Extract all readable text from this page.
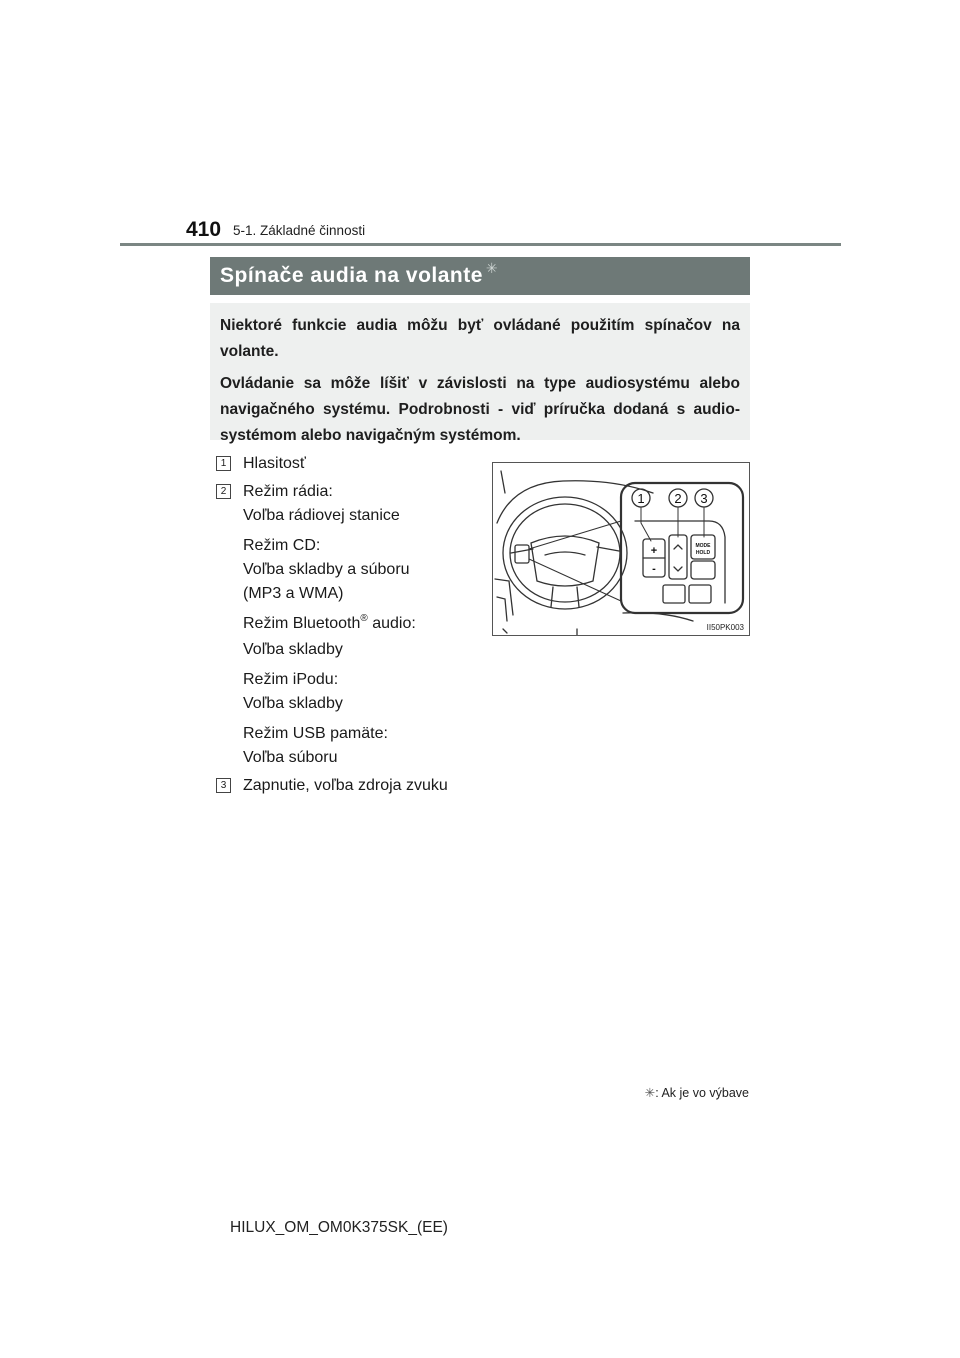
410 5-1. Základné činnosti
Spínače audia na volante ✳

Niektoré funkcie audia môžu byť ovládané použitím spínačov na volante.

Ovládanie sa môže líšiť v závislosti na type audiosystému alebo navigačného systému. Podrobnosti - viď príručka dodaná s audio-systémom alebo navigačným systémom.

1 Hlasitosť
2 Režim rádia:
Voľba rádiovej stanice
Režim CD:
Voľba skladby a súboru
(MP3 a WMA)
Režim Bluetooth® audio:
Voľba skladby
Režim iPodu:
Voľba skladby
Režim USB pamäte:
Voľba súboru
3 Zapnutie, voľba zdroja zvuku
1 2 3
+
-
MODE
HOLD
II50PK003
✳: Ak je vo výbave
HILUX_OM_OM0K375SK_(EE)
